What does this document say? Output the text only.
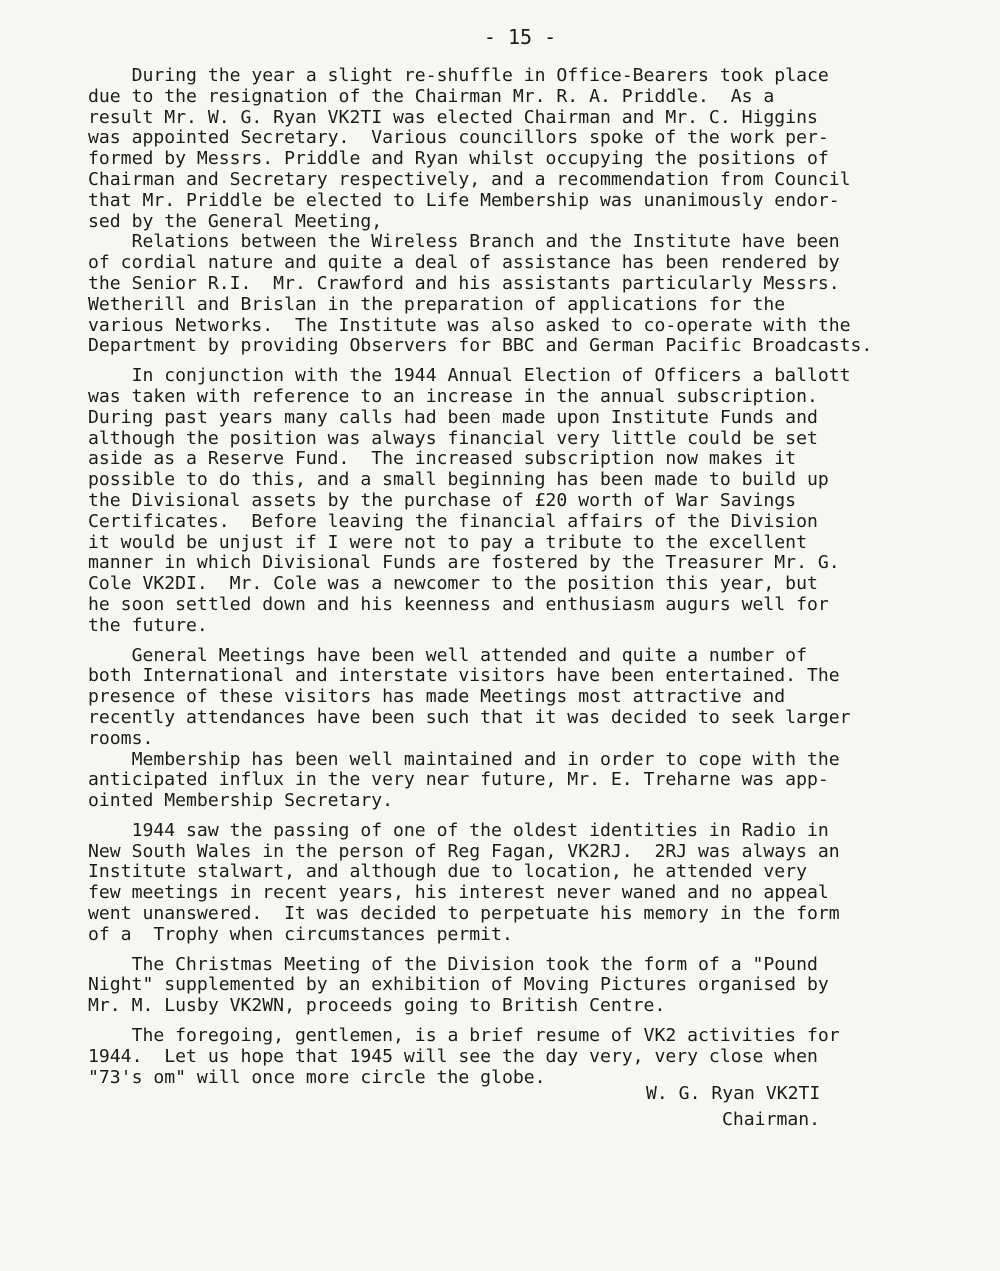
- 15 -
During the year a slight re-shuffle in Office-Bearers took place
due to the resignation of the Chairman Mr. R. A. Priddle.  As a
result Mr. W. G. Ryan VK2TI was elected Chairman and Mr. C. Higgins
was appointed Secretary.  Various councillors spoke of the work per-
formed by Messrs. Priddle and Ryan whilst occupying the positions of
Chairman and Secretary respectively, and a recommendation from Council
that Mr. Priddle be elected to Life Membership was unanimously endor-
sed by the General Meeting,
Relations between the Wireless Branch and the Institute have been
of cordial nature and quite a deal of assistance has been rendered by
the Senior R.I.  Mr. Crawford and his assistants particularly Messrs.
Wetherill and Brislan in the preparation of applications for the
various Networks.  The Institute was also asked to co-operate with the
Department by providing Observers for BBC and German Pacific Broadcasts.
In conjunction with the 1944 Annual Election of Officers a ballott
was taken with reference to an increase in the annual subscription.
During past years many calls had been made upon Institute Funds and
although the position was always financial very little could be set
aside as a Reserve Fund.  The increased subscription now makes it
possible to do this, and a small beginning has been made to build up
the Divisional assets by the purchase of £20 worth of War Savings
Certificates.  Before leaving the financial affairs of the Division
it would be unjust if I were not to pay a tribute to the excellent
manner in which Divisional Funds are fostered by the Treasurer Mr. G.
Cole VK2DI.  Mr. Cole was a newcomer to the position this year, but
he soon settled down and his keenness and enthusiasm augurs well for
the future.
General Meetings have been well attended and quite a number of
both International and interstate visitors have been entertained. The
presence of these visitors has made Meetings most attractive and
recently attendances have been such that it was decided to seek larger
rooms.
Membership has been well maintained and in order to cope with the
anticipated influx in the very near future, Mr. E. Treharne was app-
ointed Membership Secretary.
1944 saw the passing of one of the oldest identities in Radio in
New South Wales in the person of Reg Fagan, VK2RJ.  2RJ was always an
Institute stalwart, and although due to location, he attended very
few meetings in recent years, his interest never waned and no appeal
went unanswered.  It was decided to perpetuate his memory in the form
of a  Trophy when circumstances permit.
The Christmas Meeting of the Division took the form of a "Pound
Night" supplemented by an exhibition of Moving Pictures organised by
Mr. M. Lusby VK2WN, proceeds going to British Centre.
The foregoing, gentlemen, is a brief resume of VK2 activities for
1944.  Let us hope that 1945 will see the day very, very close when
"73's om" will once more circle the globe.
W. G. Ryan VK2TI
Chairman.
